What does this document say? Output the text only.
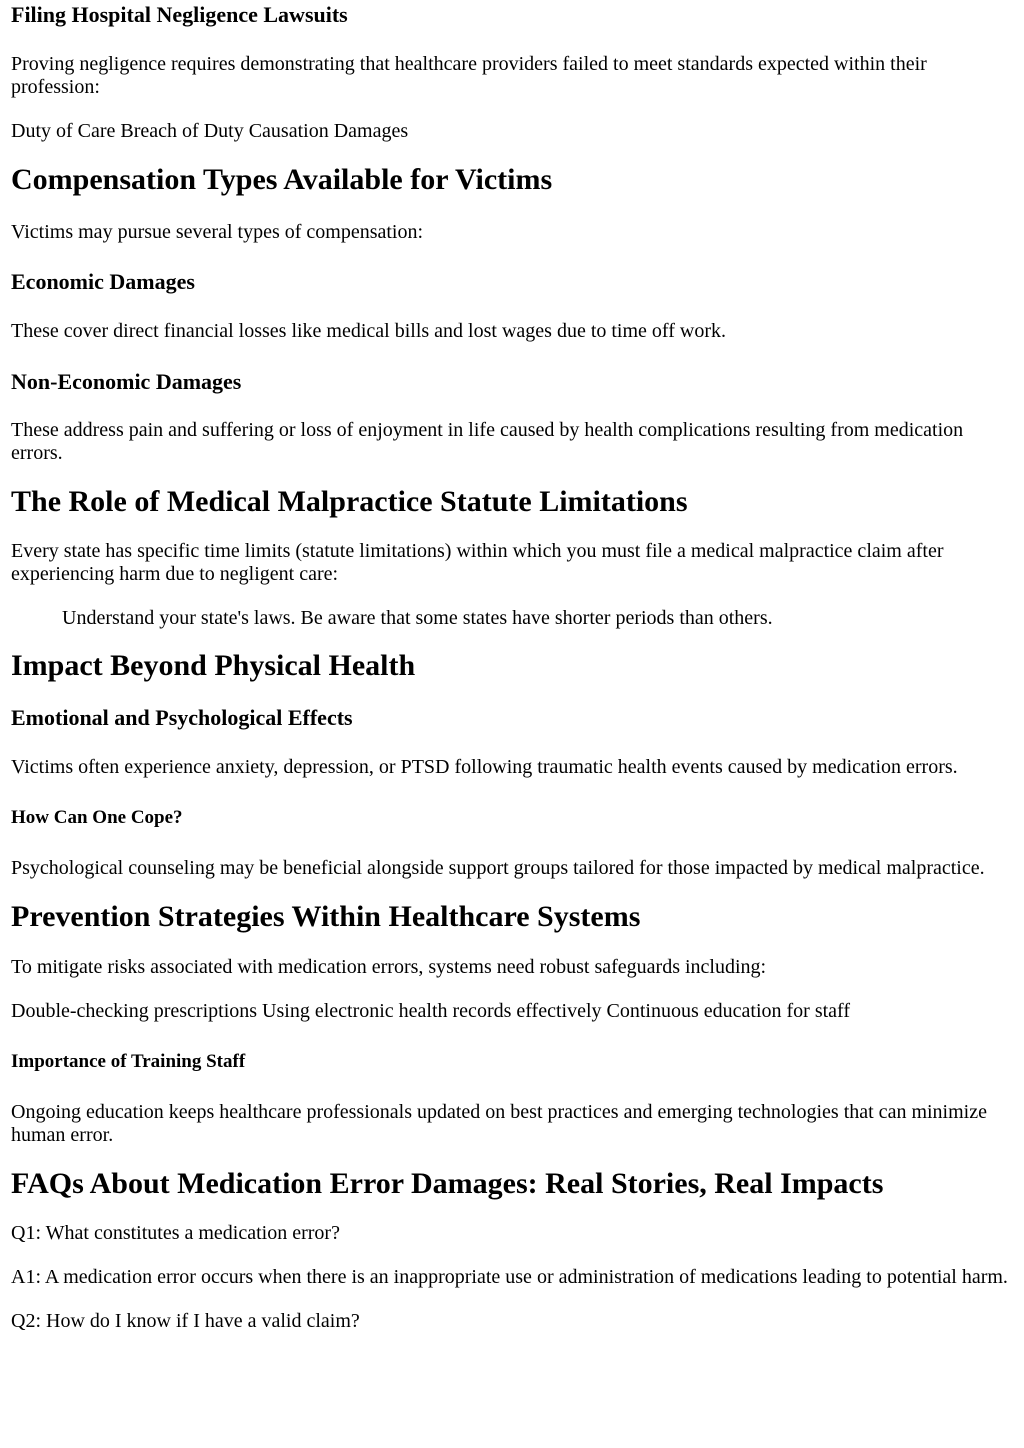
Filing Hospital Negligence Lawsuits

Proving negligence requires demonstrating that healthcare providers failed to meet standards expected within their profession:

Duty of Care Breach of Duty Causation Damages

Compensation Types Available for Victims

Victims may pursue several types of compensation:

Economic Damages

These cover direct financial losses like medical bills and lost wages due to time off work.

Non-Economic Damages

These address pain and suffering or loss of enjoyment in life caused by health complications resulting from medication errors.

The Role of Medical Malpractice Statute Limitations

Every state has specific time limits (statute limitations) within which you must file a medical malpractice claim after experiencing harm due to negligent care:

Understand your state's laws. Be aware that some states have shorter periods than others.
Impact Beyond Physical Health
Emotional and Psychological Effects

Victims often experience anxiety, depression, or PTSD following traumatic health events caused by medication errors.

How Can One Cope?

Psychological counseling may be beneficial alongside support groups tailored for those impacted by medical malpractice.

Prevention Strategies Within Healthcare Systems

To mitigate risks associated with medication errors, systems need robust safeguards including:

Double-checking prescriptions Using electronic health records effectively Continuous education for staff

Importance of Training Staff

Ongoing education keeps healthcare professionals updated on best practices and emerging technologies that can minimize human error.

FAQs About Medication Error Damages: Real Stories, Real Impacts

Q1: What constitutes a medication error?

A1: A medication error occurs when there is an inappropriate use or administration of medications leading to potential harm.

Q2: How do I know if I have a valid claim?
